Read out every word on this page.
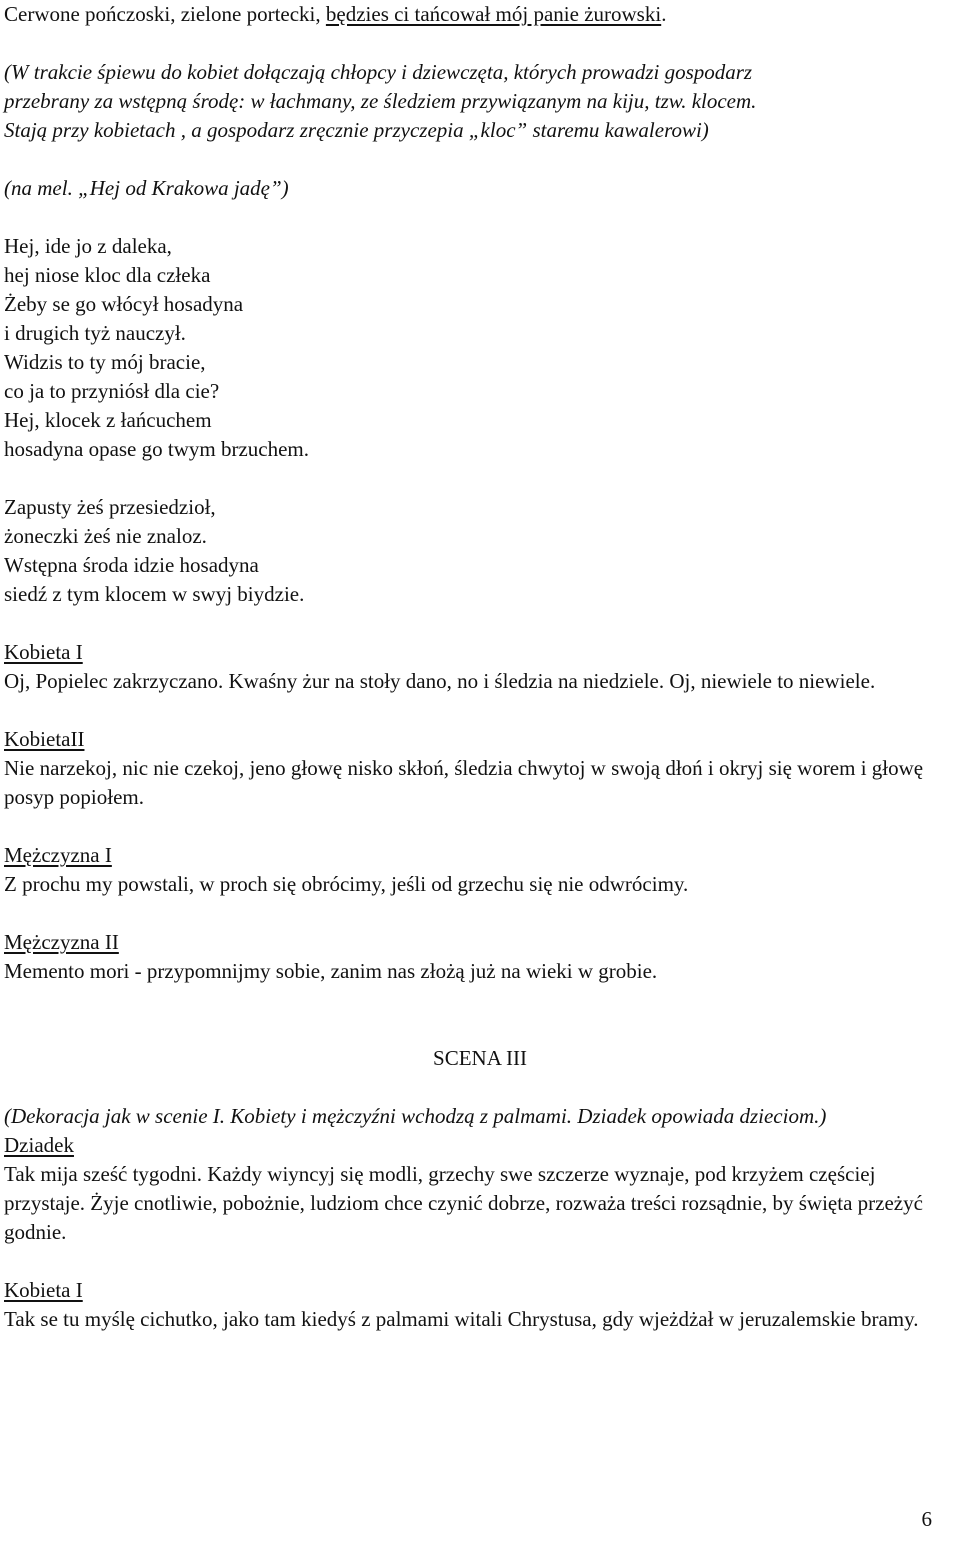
Cerwone pończoski, zielone portecki, będzies ci tańcował mój panie żurowski.
(W trakcie śpiewu do kobiet dołączają chłopcy i dziewczęta, których prowadzi gospodarz
przebrany za wstępną środę: w łachmany, ze śledziem przywiązanym na kiju, tzw. klocem.
Stają przy kobietach , a gospodarz zręcznie przyczepia „kloc” staremu kawalerowi)
(na mel. „Hej od Krakowa jadę”)
Hej, ide jo z daleka,
hej niose kloc dla człeka
Żeby se go włócył hosadyna
i drugich tyż nauczył.
Widzis to ty mój bracie,
co ja to przyniósł dla cie?
Hej, klocek z łańcuchem
hosadyna opase go twym brzuchem.
Zapusty żeś przesiedzioł,
żoneczki żeś nie znaloz.
Wstępna środa idzie hosadyna
siedź z tym klocem w swyj biydzie.
Kobieta I
Oj, Popielec zakrzyczano. Kwaśny żur na stoły dano, no i śledzia na niedziele. Oj, niewiele to niewiele.
KobietaII
Nie narzekoj, nic nie czekoj, jeno głowę nisko skłoń, śledzia chwytoj w swoją dłoń i okryj się worem i głowę posyp popiołem.
Mężczyzna I
Z prochu my powstali, w proch się obrócimy, jeśli od grzechu się nie odwrócimy.
Mężczyzna II
Memento mori - przypomnijmy sobie, zanim nas złożą już na wieki w grobie.
SCENA III
(Dekoracja jak w scenie I. Kobiety i mężczyźni wchodzą z palmami. Dziadek opowiada dzieciom.)
Dziadek
Tak mija sześć tygodni. Każdy wiyncyj się modli, grzechy swe szczerze wyznaje, pod krzyżem częściej przystaje. Żyje cnotliwie, pobożnie, ludziom chce czynić dobrze, rozważa treści rozsądnie, by święta przeżyć godnie.
Kobieta I
Tak se tu myślę cichutko, jako tam kiedyś z palmami witali Chrystusa, gdy wjeżdżał w jeruzalemskie bramy.
6
